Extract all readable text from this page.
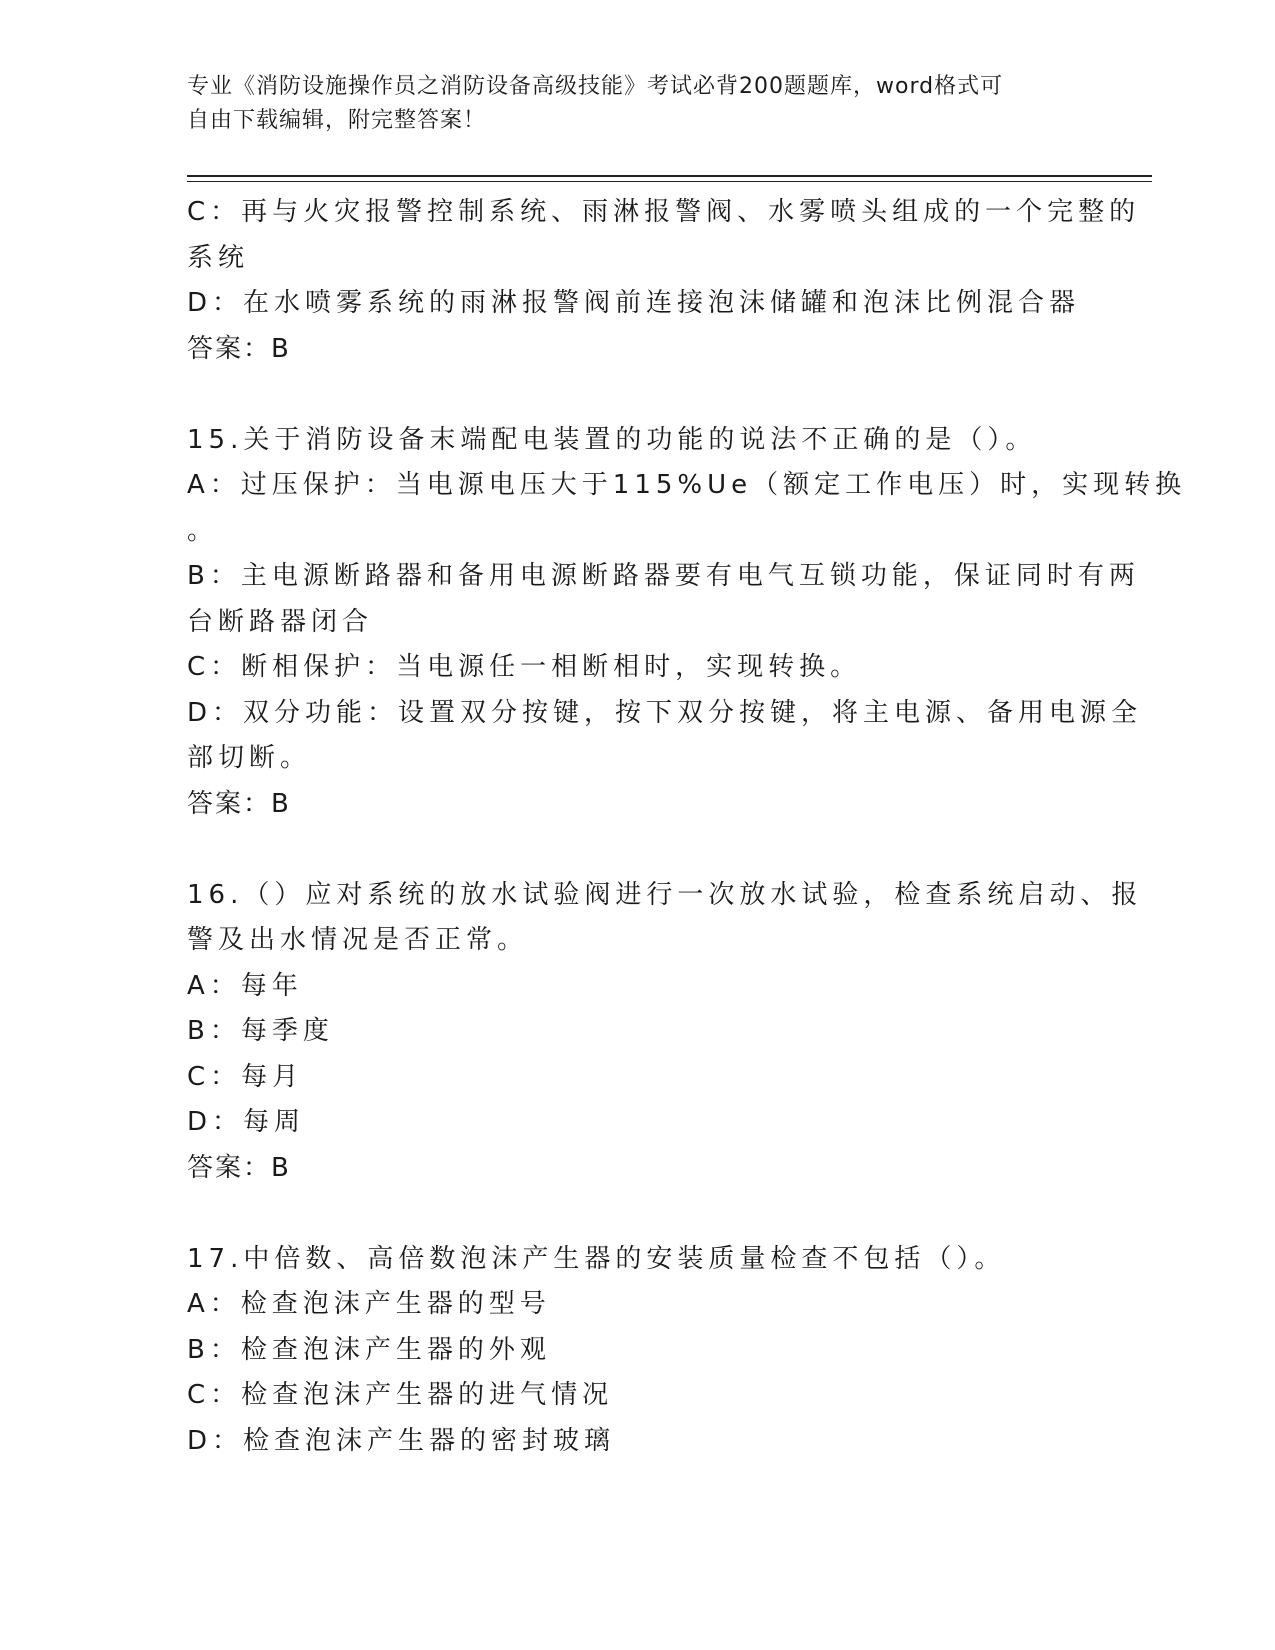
专业《消防设施操作员之消防设备高级技能》考试必背200题题库，word格式可
自由下载编辑，附完整答案！
C：再与火灾报警控制系统、雨淋报警阀、水雾喷头组成的一个完整的
系统
D：在水喷雾系统的雨淋报警阀前连接泡沫储罐和泡沫比例混合器
答案：B
15.关于消防设备末端配电装置的功能的说法不正确的是（）。
A：过压保护：当电源电压大于115%Ue（额定工作电压）时，实现转换
。
B：主电源断路器和备用电源断路器要有电气互锁功能，保证同时有两
台断路器闭合
C：断相保护：当电源任一相断相时，实现转换。
D：双分功能：设置双分按键，按下双分按键，将主电源、备用电源全
部切断。
答案：B
16.（）应对系统的放水试验阀进行一次放水试验，检查系统启动、报
警及出水情况是否正常。
A：每年
B：每季度
C：每月
D：每周
答案：B
17.中倍数、高倍数泡沫产生器的安装质量检查不包括（）。
A：检查泡沫产生器的型号
B：检查泡沫产生器的外观
C：检查泡沫产生器的进气情况
D：检查泡沫产生器的密封玻璃
